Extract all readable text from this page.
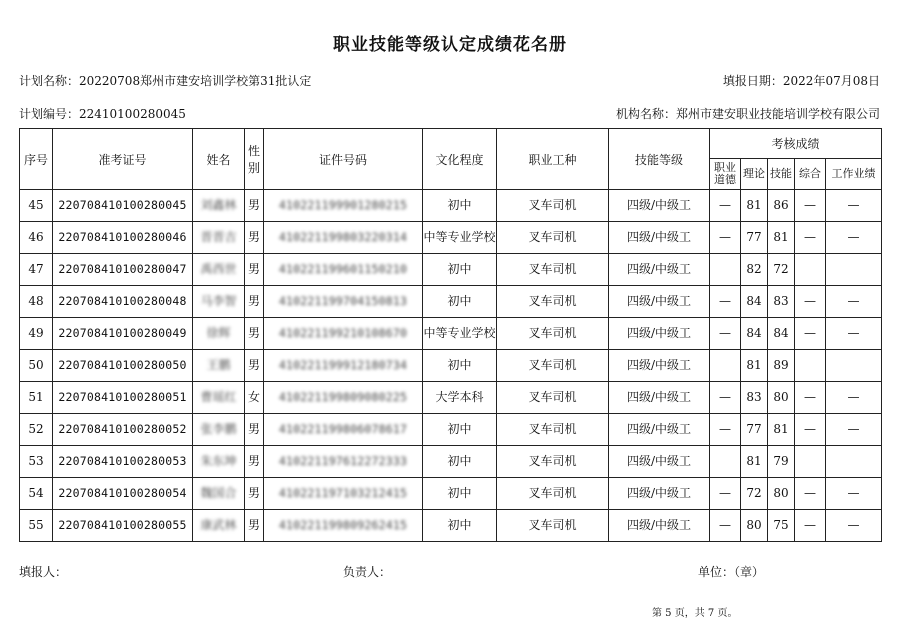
职业技能等级认定成绩花名册
计划名称：20220708郑州市建安培训学校第31批认定	填报日期：2022年07月08日
计划编号：22410100280045	机构名称：郑州市建安职业技能培训学校有限公司
序号	准考证号	姓名	性别	证件号码	文化程度	职业工种	技能等级	考核成绩				
								职业道德	理论	技能	综合	工作业绩
45	220708410100280045	刘鑫林	男	410221199901280215	初中	叉车司机	四级/中级工	—	81	86	—	—
46	220708410100280046	晋晋吉	男	410221199803220314	中等专业学校	叉车司机	四级/中级工	—	77	81	—	—
47	220708410100280047	禹西世	男	410221199601150210	初中	叉车司机	四级/中级工		82	72		
48	220708410100280048	马李智	男	410221199704150813	初中	叉车司机	四级/中级工	—	84	83	—	—
49	220708410100280049	徐辉	男	410221199210108670	中等专业学校	叉车司机	四级/中级工	—	84	84	—	—
50	220708410100280050	王鹏	男	410221199912180734	初中	叉车司机	四级/中级工		81	89		
51	220708410100280051	曹瑶红	女	410221199809080225	大学本科	叉车司机	四级/中级工	—	83	80	—	—
52	220708410100280052	张李鹏	男	410221199806078617	初中	叉车司机	四级/中级工	—	77	81	—	—
53	220708410100280053	朱东坤	男	410221197612272333	初中	叉车司机	四级/中级工		81	79		
54	220708410100280054	魏国合	男	410221197103212415	初中	叉车司机	四级/中级工	—	72	80	—	—
55	220708410100280055	康武林	男	410221199809262415	初中	叉车司机	四级/中级工	—	80	75	—	—
填报人：	负责人：	单位：（章）
第 5 页，共 7 页。
